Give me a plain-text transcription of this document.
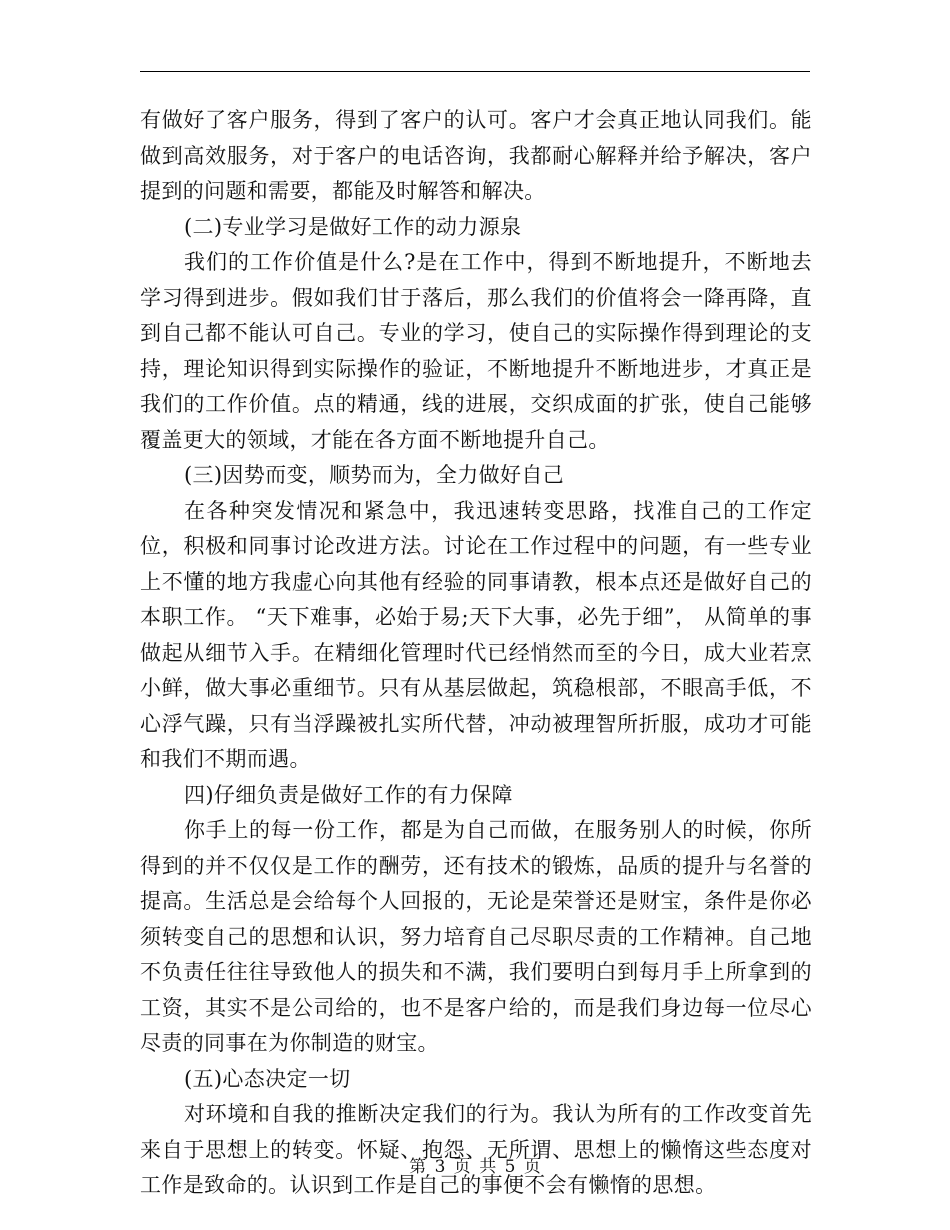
有做好了客户服务，得到了客户的认可。客户才会真正地认同我们。能做到高效服务，对于客户的电话咨询，我都耐心解释并给予解决，客户提到的问题和需要，都能及时解答和解决。

(二)专业学习是做好工作的动力源泉

我们的工作价值是什么?是在工作中，得到不断地提升，不断地去学习得到进步。假如我们甘于落后，那么我们的价值将会一降再降，直到自己都不能认可自己。专业的学习，使自己的实际操作得到理论的支持，理论知识得到实际操作的验证，不断地提升不断地进步，才真正是我们的工作价值。点的精通，线的进展，交织成面的扩张，使自己能够覆盖更大的领域，才能在各方面不断地提升自己。

(三)因势而变，顺势而为，全力做好自己

在各种突发情况和紧急中，我迅速转变思路，找准自己的工作定位，积极和同事讨论改进方法。讨论在工作过程中的问题，有一些专业上不懂的地方我虚心向其他有经验的同事请教，根本点还是做好自己的本职工作。 “天下难事，必始于易;天下大事，必先于细”， 从简单的事做起从细节入手。在精细化管理时代已经悄然而至的今日，成大业若烹小鲜，做大事必重细节。只有从基层做起，筑稳根部，不眼高手低，不心浮气躁，只有当浮躁被扎实所代替，冲动被理智所折服，成功才可能和我们不期而遇。

四)仔细负责是做好工作的有力保障

你手上的每一份工作，都是为自己而做，在服务别人的时候，你所得到的并不仅仅是工作的酬劳，还有技术的锻炼，品质的提升与名誉的提高。生活总是会给每个人回报的，无论是荣誉还是财宝，条件是你必须转变自己的思想和认识，努力培育自己尽职尽责的工作精神。自己地不负责任往往导致他人的损失和不满，我们要明白到每月手上所拿到的工资，其实不是公司给的，也不是客户给的，而是我们身边每一位尽心尽责的同事在为你制造的财宝。

(五)心态决定一切

对环境和自我的推断决定我们的行为。我认为所有的工作改变首先来自于思想上的转变。怀疑、抱怨、无所谓、思想上的懒惰这些态度对工作是致命的。认识到工作是自己的事便不会有懒惰的思想。

第 3 页 共 5 页
